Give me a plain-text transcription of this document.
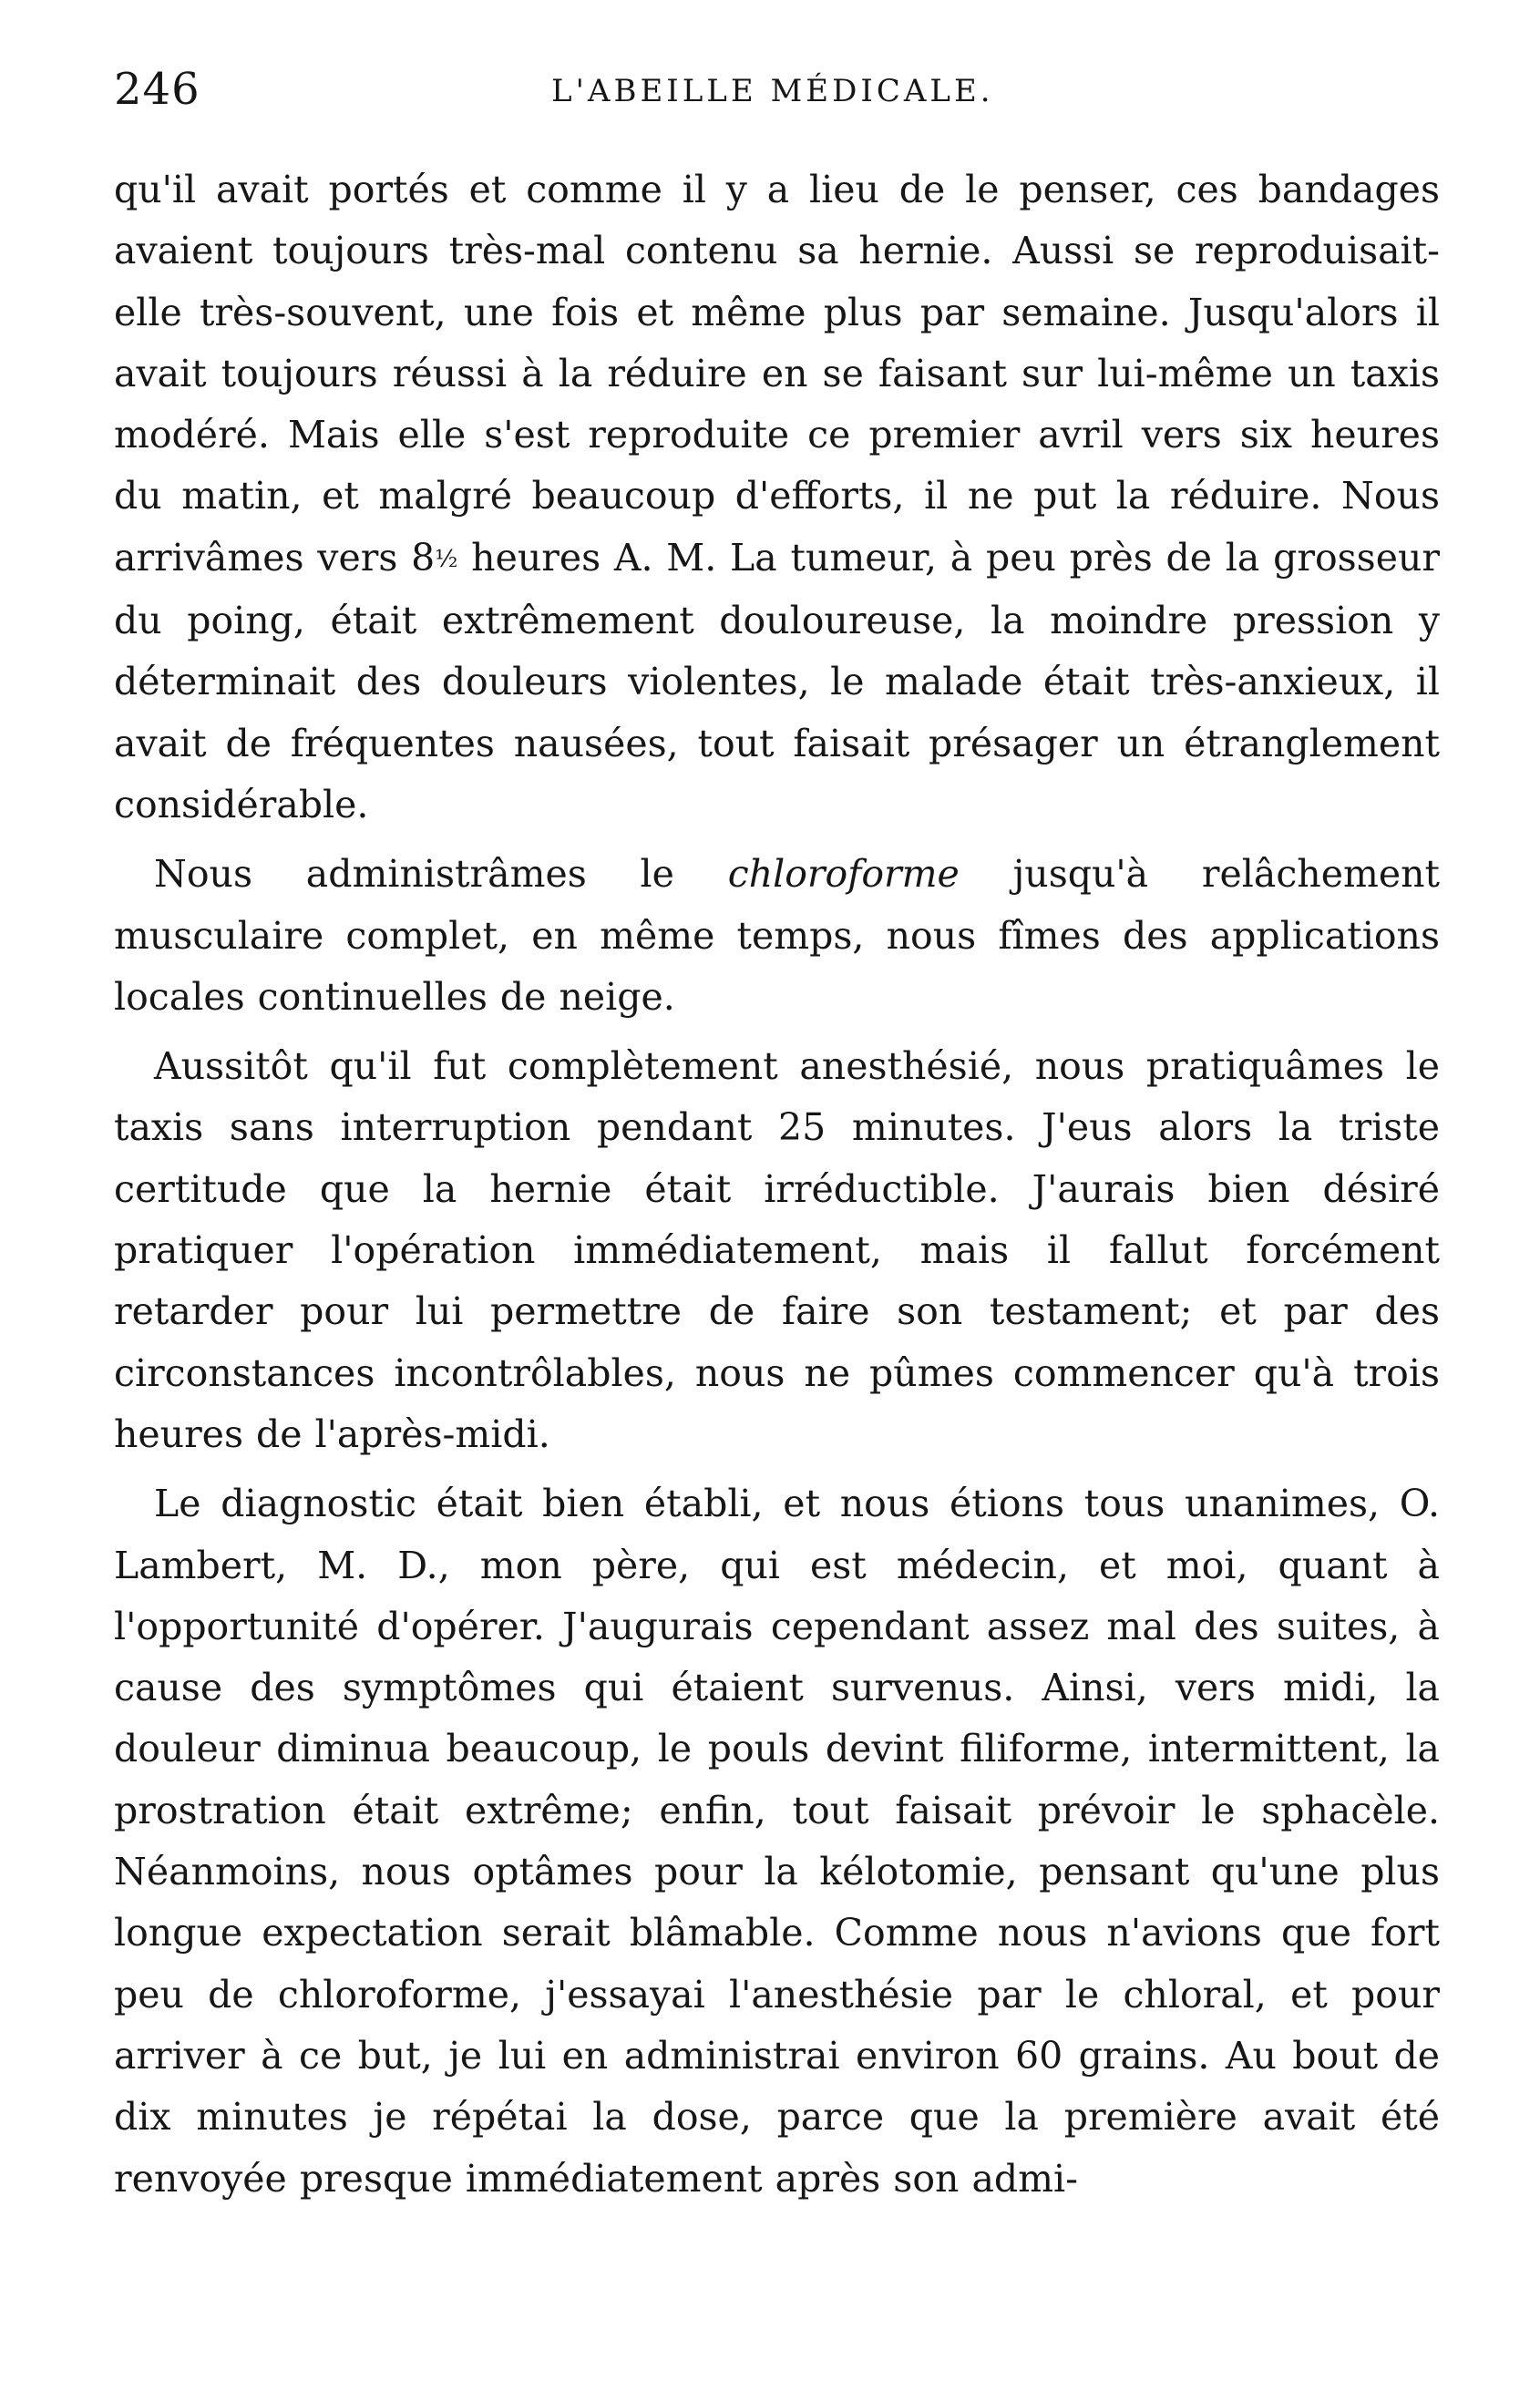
246	L'ABEILLE MÉDICALE.

qu'il avait portés et comme il y a lieu de le penser, ces bandages avaient toujours très-mal contenu sa hernie. Aussi se reproduisait-elle très-souvent, une fois et même plus par semaine. Jusqu'alors il avait toujours réussi à la réduire en se faisant sur lui-même un taxis modéré. Mais elle s'est reproduite ce premier avril vers six heures du matin, et malgré beaucoup d'efforts, il ne put la réduire. Nous arrivâmes vers 8½ heures A. M. La tumeur, à peu près de la grosseur du poing, était extrêmement douloureuse, la moindre pression y déterminait des douleurs violentes, le malade était très-anxieux, il avait de fréquentes nausées, tout faisait présager un étranglement considérable.

Nous administrâmes le chloroforme jusqu'à relâchement musculaire complet, en même temps, nous fîmes des applications locales continuelles de neige.

Aussitôt qu'il fut complètement anesthésié, nous pratiquâmes le taxis sans interruption pendant 25 minutes. J'eus alors la triste certitude que la hernie était irréductible. J'aurais bien désiré pratiquer l'opération immédiatement, mais il fallut forcément retarder pour lui permettre de faire son testament; et par des circonstances incontrôlables, nous ne pûmes commencer qu'à trois heures de l'après-midi.

Le diagnostic était bien établi, et nous étions tous unanimes, O. Lambert, M. D., mon père, qui est médecin, et moi, quant à l'opportunité d'opérer. J'augurais cependant assez mal des suites, à cause des symptômes qui étaient survenus. Ainsi, vers midi, la douleur diminua beaucoup, le pouls devint filiforme, intermittent, la prostration était extrême; enfin, tout faisait prévoir le sphacèle. Néanmoins, nous optâmes pour la kélotomie, pensant qu'une plus longue expectation serait blâmable. Comme nous n'avions que fort peu de chloroforme, j'essayai l'anesthésie par le chloral, et pour arriver à ce but, je lui en administrai environ 60 grains. Au bout de dix minutes je répétai la dose, parce que la première avait été renvoyée presque immédiatement après son admi-
